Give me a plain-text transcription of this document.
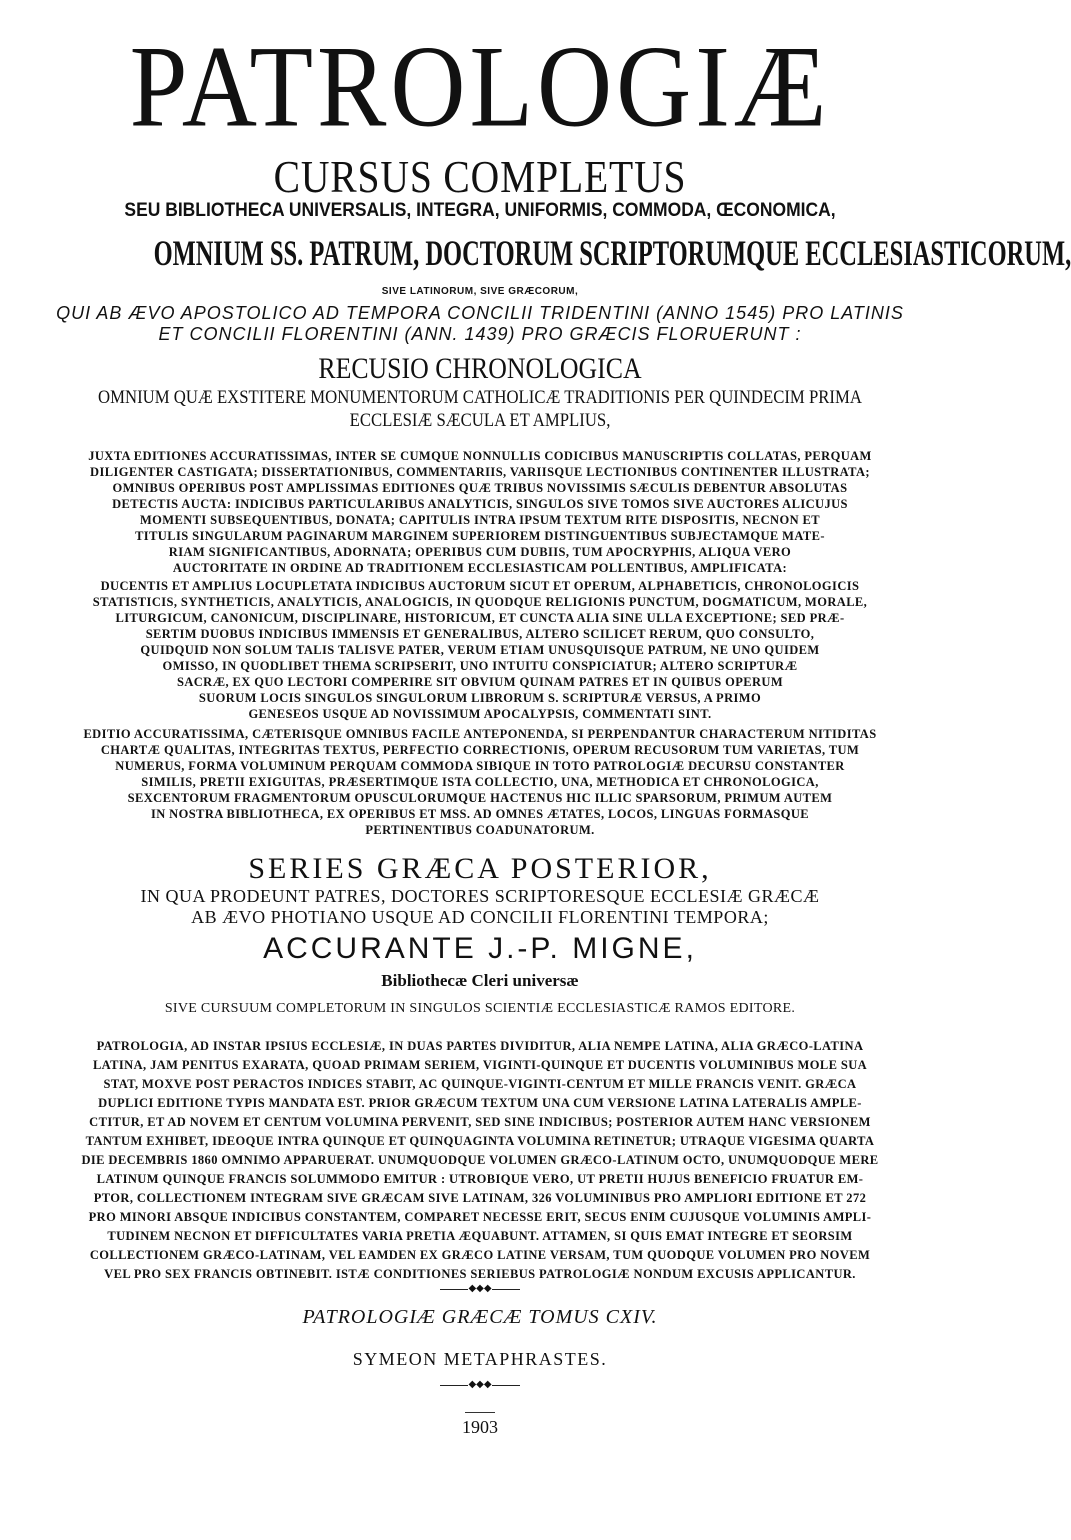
PATROLOGIÆ
CURSUS COMPLETUS
SEU BIBLIOTHECA UNIVERSALIS, INTEGRA, UNIFORMIS, COMMODA, ŒCONOMICA,
OMNIUM SS. PATRUM, DOCTORUM SCRIPTORUMQUE ECCLESIASTICORUM,
SIVE LATINORUM, SIVE GRÆCORUM,
QUI AB ÆVO APOSTOLICO AD TEMPORA CONCILII TRIDENTINI (ANNO 1545) PRO LATINIS
ET CONCILII FLORENTINI (ANN. 1439) PRO GRÆCIS FLORUERUNT :
RECUSIO CHRONOLOGICA
OMNIUM QUÆ EXSTITERE MONUMENTORUM CATHOLICÆ TRADITIONIS PER QUINDECIM PRIMA
ECCLESIÆ SÆCULA ET AMPLIUS,
JUXTA EDITIONES ACCURATISSIMAS, INTER SE CUMQUE NONNULLIS CODICIBUS MANUSCRIPTIS COLLATAS, PERQUAM
DILIGENTER CASTIGATA; DISSERTATIONIBUS, COMMENTARIIS, VARIISQUE LECTIONIBUS CONTINENTER ILLUSTRATA;
OMNIBUS OPERIBUS POST AMPLISSIMAS EDITIONES QUÆ TRIBUS NOVISSIMIS SÆCULIS DEBENTUR ABSOLUTAS
DETECTIS AUCTA: INDICIBUS PARTICULARIBUS ANALYTICIS, SINGULOS SIVE TOMOS SIVE AUCTORES ALICUJUS
MOMENTI SUBSEQUENTIBUS, DONATA; CAPITULIS INTRA IPSUM TEXTUM RITE DISPOSITIS, NECNON ET
TITULIS SINGULARUM PAGINARUM MARGINEM SUPERIOREM DISTINGUENTIBUS SUBJECTAMQUE MATE-
RIAM SIGNIFICANTIBUS, ADORNATA; OPERIBUS CUM DUBIIS, TUM APOCRYPHIS, ALIQUA VERO
AUCTORITATE IN ORDINE AD TRADITIONEM ECCLESIASTICAM POLLENTIBUS, AMPLIFICATA:
DUCENTIS ET AMPLIUS LOCUPLETATA INDICIBUS AUCTORUM SICUT ET OPERUM, ALPHABETICIS, CHRONOLOGICIS
STATISTICIS, SYNTHETICIS, ANALYTICIS, ANALOGICIS, IN QUODQUE RELIGIONIS PUNCTUM, DOGMATICUM, MORALE,
LITURGICUM, CANONICUM, DISCIPLINARE, HISTORICUM, ET CUNCTA ALIA SINE ULLA EXCEPTIONE; SED PRÆ-
SERTIM DUOBUS INDICIBUS IMMENSIS ET GENERALIBUS, ALTERO SCILICET RERUM, QUO CONSULTO,
QUIDQUID NON SOLUM TALIS TALISVE PATER, VERUM ETIAM UNUSQUISQUE PATRUM, NE UNO QUIDEM
OMISSO, IN QUODLIBET THEMA SCRIPSERIT, UNO INTUITU CONSPICIATUR; ALTERO SCRIPTURÆ
SACRÆ, EX QUO LECTORI COMPERIRE SIT OBVIUM QUINAM PATRES ET IN QUIBUS OPERUM
SUORUM LOCIS SINGULOS SINGULORUM LIBRORUM S. SCRIPTURÆ VERSUS, A PRIMO
GENESEOS USQUE AD NOVISSIMUM APOCALYPSIS, COMMENTATI SINT.
EDITIO ACCURATISSIMA, CÆTERISQUE OMNIBUS FACILE ANTEPONENDA, SI PERPENDANTUR CHARACTERUM NITIDITAS
CHARTÆ QUALITAS, INTEGRITAS TEXTUS, PERFECTIO CORRECTIONIS, OPERUM RECUSORUM TUM VARIETAS, TUM
NUMERUS, FORMA VOLUMINUM PERQUAM COMMODA SIBIQUE IN TOTO PATROLOGIÆ DECURSU CONSTANTER
SIMILIS, PRETII EXIGUITAS, PRÆSERTIMQUE ISTA COLLECTIO, UNA, METHODICA ET CHRONOLOGICA,
SEXCENTORUM FRAGMENTORUM OPUSCULORUMQUE HACTENUS HIC ILLIC SPARSORUM, PRIMUM AUTEM
IN NOSTRA BIBLIOTHECA, EX OPERIBUS ET MSS. AD OMNES ÆTATES, LOCOS, LINGUAS FORMASQUE
PERTINENTIBUS COADUNATORUM.
SERIES GRÆCA POSTERIOR,
IN QUA PRODEUNT PATRES, DOCTORES SCRIPTORESQUE ECCLESIÆ GRÆCÆ
AB ÆVO PHOTIANO USQUE AD CONCILII FLORENTINI TEMPORA;
ACCURANTE J.-P. MIGNE,
Bibliothecæ Cleri universæ
SIVE CURSUUM COMPLETORUM IN SINGULOS SCIENTIÆ ECCLESIASTICÆ RAMOS EDITORE.
PATROLOGIA, AD INSTAR IPSIUS ECCLESIÆ, IN DUAS PARTES DIVIDITUR, ALIA NEMPE LATINA, ALIA GRÆCO-LATINA
LATINA, JAM PENITUS EXARATA, QUOAD PRIMAM SERIEM, VIGINTI-QUINQUE ET DUCENTIS VOLUMINIBUS MOLE SUA
STAT, MOXVE POST PERACTOS INDICES STABIT, AC QUINQUE-VIGINTI-CENTUM ET MILLE FRANCIS VENIT. GRÆCA
DUPLICI EDITIONE TYPIS MANDATA EST. PRIOR GRÆCUM TEXTUM UNA CUM VERSIONE LATINA LATERALIS AMPLE-
CTITUR, ET AD NOVEM ET CENTUM VOLUMINA PERVENIT, SED SINE INDICIBUS; POSTERIOR AUTEM HANC VERSIONEM
TANTUM EXHIBET, IDEOQUE INTRA QUINQUE ET QUINQUAGINTA VOLUMINA RETINETUR; UTRAQUE VIGESIMA QUARTA
DIE DECEMBRIS 1860 OMNIMO APPARUERAT. UNUMQUODQUE VOLUMEN GRÆCO-LATINUM OCTO, UNUMQUODQUE MERE
LATINUM QUINQUE FRANCIS SOLUMMODO EMITUR : UTROBIQUE VERO, UT PRETII HUJUS BENEFICIO FRUATUR EM-
PTOR, COLLECTIONEM INTEGRAM SIVE GRÆCAM SIVE LATINAM, 326 VOLUMINIBUS PRO AMPLIORI EDITIONE ET 272
PRO MINORI ABSQUE INDICIBUS CONSTANTEM, COMPARET NECESSE ERIT, SECUS ENIM CUJUSQUE VOLUMINIS AMPLI-
TUDINEM NECNON ET DIFFICULTATES VARIA PRETIA ÆQUABUNT. ATTAMEN, SI QUIS EMAT INTEGRE ET SEORSIM
COLLECTIONEM GRÆCO-LATINAM, VEL EAMDEN EX GRÆCO LATINE VERSAM, TUM QUODQUE VOLUMEN PRO NOVEM
VEL PRO SEX FRANCIS OBTINEBIT. ISTÆ CONDITIONES SERIEBUS PATROLOGIÆ NONDUM EXCUSIS APPLICANTUR.
◆◆◆
PATROLOGIÆ GRÆCÆ TOMUS CXIV.
SYMEON METAPHRASTES.
◆◆◆
1903
